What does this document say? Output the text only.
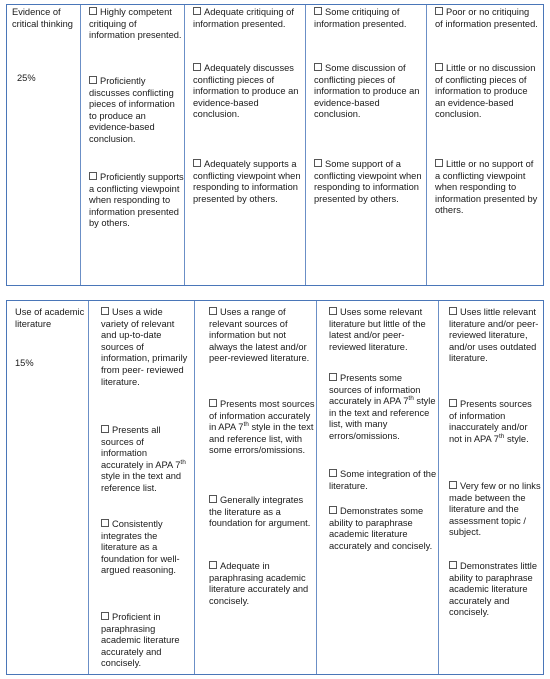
Evidence of critical thinking
25%
Highly competent critiquing of information presented.
Proficiently discusses conflicting pieces of information to produce an evidence-based conclusion.
Proficiently supports a conflicting viewpoint when responding to information presented by others.
Adequate critiquing of information presented.
Adequately discusses conflicting pieces of information to produce an evidence-based conclusion.
Adequately supports a conflicting viewpoint when responding to information presented by others.
Some critiquing of information presented.
Some discussion of conflicting pieces of information to produce an evidence-based conclusion.
Some support of a conflicting viewpoint when responding to information presented by others.
Poor or no critiquing of information presented.
Little or no discussion of conflicting pieces of information to produce an evidence-based conclusion.
Little or no support of a conflicting viewpoint when responding to information presented by others.
Use of academic literature
15%
Uses a wide variety of relevant and up-to-date sources of information, primarily from peer- reviewed literature.
Presents all sources of information accurately in APA 7th style in the text and reference list.
Consistently integrates the literature as a foundation for well-argued reasoning.
Proficient in paraphrasing academic literature accurately and concisely.
Uses a range of relevant sources of information but not always the latest and/or peer-reviewed literature.
Presents most sources of information accurately in APA 7th style in the text and reference list, with some errors/omissions.
Generally integrates the literature as a foundation for argument.
Adequate in paraphrasing academic literature accurately and concisely.
Uses some relevant literature but little of the latest and/or peer-reviewed literature.
Presents some sources of information accurately in APA 7th style in the text and reference list, with many errors/omissions.
Some integration of the literature.
Demonstrates some ability to paraphrase academic literature accurately and concisely.
Uses little relevant literature and/or peer-reviewed literature, and/or uses outdated literature.
Presents sources of information inaccurately and/or not in APA 7th style.
Very few or no links made between the literature and the assessment topic / subject.
Demonstrates little ability to paraphrase academic literature accurately and concisely.
